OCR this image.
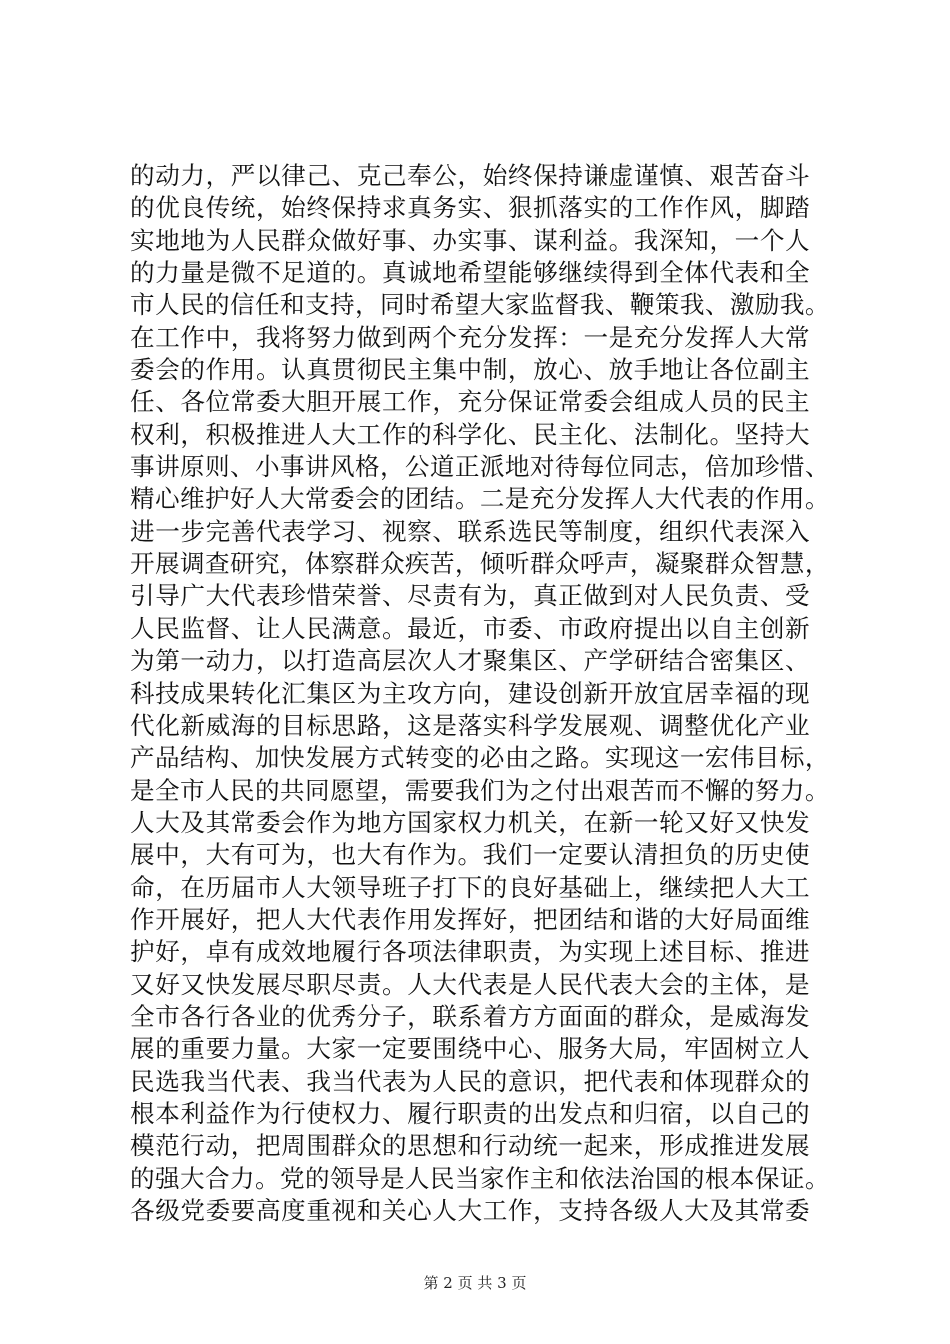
的动力，严以律己、克己奉公，始终保持谦虚谨慎、艰苦奋斗
的优良传统，始终保持求真务实、狠抓落实的工作作风，脚踏
实地地为人民群众做好事、办实事、谋利益。我深知，一个人
的力量是微不足道的。真诚地希望能够继续得到全体代表和全
市人民的信任和支持，同时希望大家监督我、鞭策我、激励我。
在工作中，我将努力做到两个充分发挥：一是充分发挥人大常
委会的作用。认真贯彻民主集中制，放心、放手地让各位副主
任、各位常委大胆开展工作，充分保证常委会组成人员的民主
权利，积极推进人大工作的科学化、民主化、法制化。坚持大
事讲原则、小事讲风格，公道正派地对待每位同志，倍加珍惜、
精心维护好人大常委会的团结。二是充分发挥人大代表的作用。
进一步完善代表学习、视察、联系选民等制度，组织代表深入
开展调查研究，体察群众疾苦，倾听群众呼声，凝聚群众智慧，
引导广大代表珍惜荣誉、尽责有为，真正做到对人民负责、受
人民监督、让人民满意。最近，市委、市政府提出以自主创新
为第一动力，以打造高层次人才聚集区、产学研结合密集区、
科技成果转化汇集区为主攻方向，建设创新开放宜居幸福的现
代化新威海的目标思路，这是落实科学发展观、调整优化产业
产品结构、加快发展方式转变的必由之路。实现这一宏伟目标，
是全市人民的共同愿望，需要我们为之付出艰苦而不懈的努力。
人大及其常委会作为地方国家权力机关，在新一轮又好又快发
展中，大有可为，也大有作为。我们一定要认清担负的历史使
命，在历届市人大领导班子打下的良好基础上，继续把人大工
作开展好，把人大代表作用发挥好，把团结和谐的大好局面维
护好，卓有成效地履行各项法律职责，为实现上述目标、推进
又好又快发展尽职尽责。人大代表是人民代表大会的主体，是
全市各行各业的优秀分子，联系着方方面面的群众，是威海发
展的重要力量。大家一定要围绕中心、服务大局，牢固树立人
民选我当代表、我当代表为人民的意识，把代表和体现群众的
根本利益作为行使权力、履行职责的出发点和归宿，以自己的
模范行动，把周围群众的思想和行动统一起来，形成推进发展
的强大合力。党的领导是人民当家作主和依法治国的根本保证。
各级党委要高度重视和关心人大工作，支持各级人大及其常委
第 2 页 共 3 页
